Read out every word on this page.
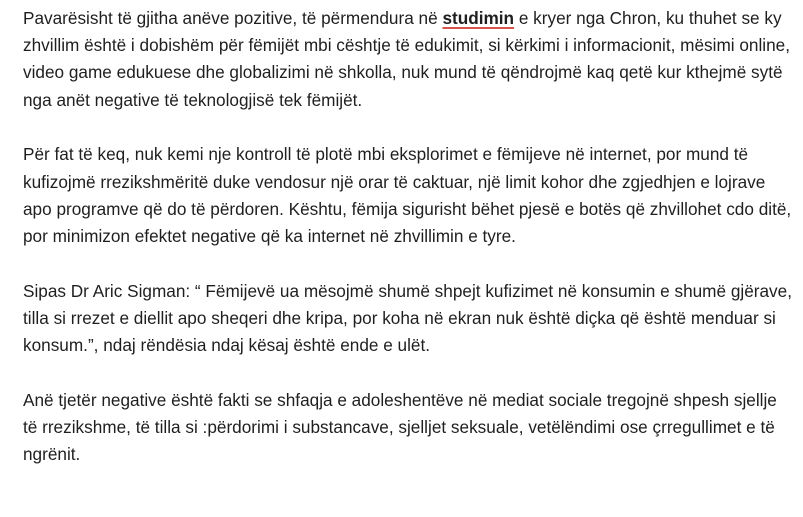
Pavarësisht të gjitha anëve pozitive, të përmendura në studimin e kryer nga Chron, ku thuhet se ky zhvillim është i dobishëm për fëmijët mbi cështje të edukimit, si kërkimi i informacionit, mësimi online, video game edukuese dhe globalizimi në shkolla, nuk mund të qëndrojmë kaq qetë kur kthejmë sytë nga anët negative të teknologjisë tek fëmijët.

Për fat të keq, nuk kemi nje kontroll të plotë mbi eksplorimet e fëmijeve në internet, por mund të kufizojmë rrezikshmëritë duke vendosur një orar të caktuar, një limit kohor dhe zgjedhjen e lojrave apo programve që do të përdoren. Kështu, fëmija sigurisht bëhet pjesë e botës që zhvillohet cdo ditë, por minimizon efektet negative që ka internet në zhvillimin e tyre.

Sipas Dr Aric Sigman: “ Fëmijevë ua mësojmë shumë shpejt kufizimet në konsumin e shumë gjërave, tilla si rrezet e diellit apo sheqeri dhe kripa, por koha në ekran nuk është diçka që është menduar si konsum.”, ndaj rëndësia ndaj kësaj është ende e ulët.

Anë tjetër negative është fakti se shfaqja e adoleshentëve në mediat sociale tregojnë shpesh sjellje të rrezikshme, të tilla si :përdorimi i substancave, sjelljet seksuale, vetëlëndimi ose çrregullimet e të ngrënit.
